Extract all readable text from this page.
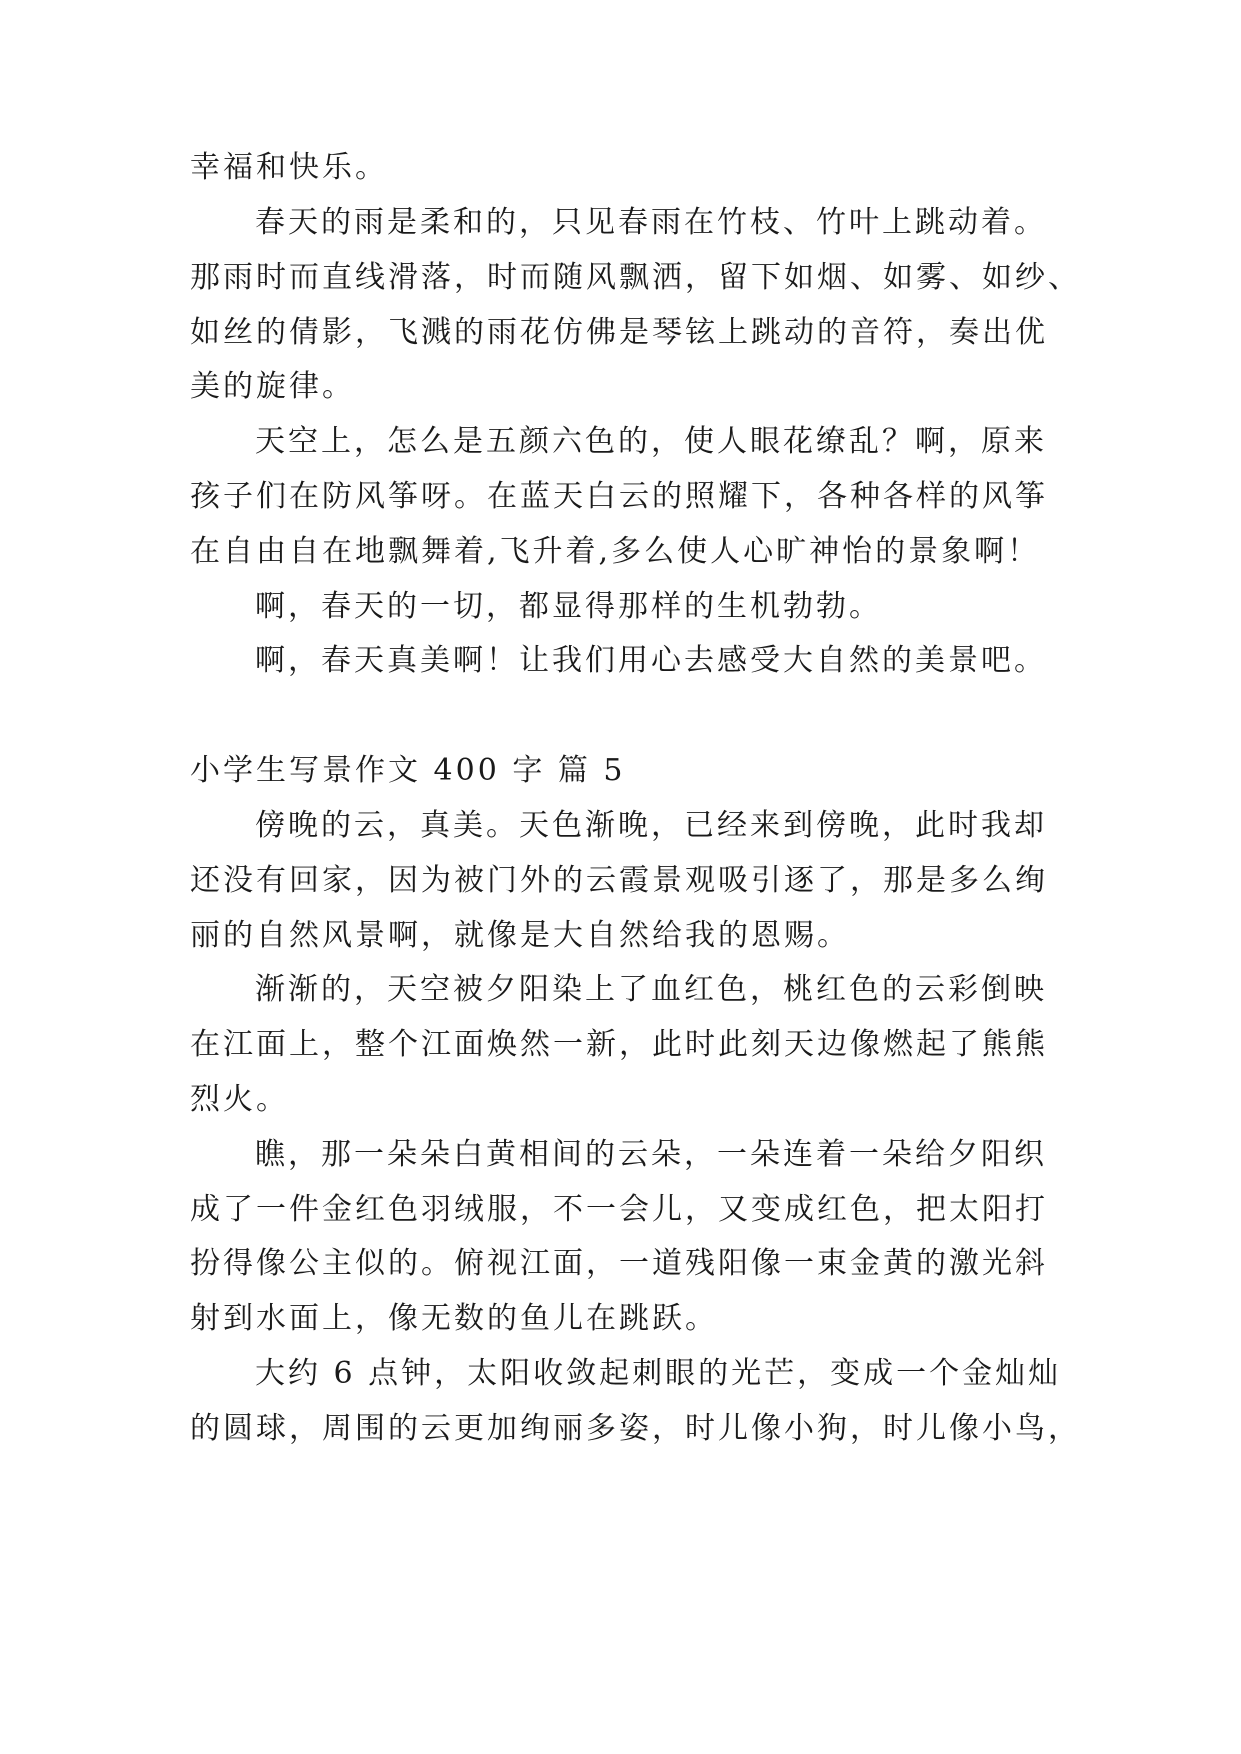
幸福和快乐。
春天的雨是柔和的，只见春雨在竹枝、竹叶上跳动着。
那雨时而直线滑落，时而随风飘洒，留下如烟、如雾、如纱、
如丝的倩影，飞溅的雨花仿佛是琴铉上跳动的音符，奏出优
美的旋律。
天空上，怎么是五颜六色的，使人眼花缭乱？啊，原来
孩子们在防风筝呀。在蓝天白云的照耀下，各种各样的风筝
在自由自在地飘舞着,飞升着,多么使人心旷神怡的景象啊！
啊，春天的一切，都显得那样的生机勃勃。
啊，春天真美啊！让我们用心去感受大自然的美景吧。
小学生写景作文 400 字 篇 5
傍晚的云，真美。天色渐晚，已经来到傍晚，此时我却
还没有回家，因为被门外的云霞景观吸引逐了，那是多么绚
丽的自然风景啊，就像是大自然给我的恩赐。
渐渐的，天空被夕阳染上了血红色，桃红色的云彩倒映
在江面上，整个江面焕然一新，此时此刻天边像燃起了熊熊
烈火。
瞧，那一朵朵白黄相间的云朵，一朵连着一朵给夕阳织
成了一件金红色羽绒服，不一会儿，又变成红色，把太阳打
扮得像公主似的。俯视江面，一道残阳像一束金黄的激光斜
射到水面上，像无数的鱼儿在跳跃。
大约 6 点钟，太阳收敛起刺眼的光芒，变成一个金灿灿
的圆球，周围的云更加绚丽多姿，时儿像小狗，时儿像小鸟，
